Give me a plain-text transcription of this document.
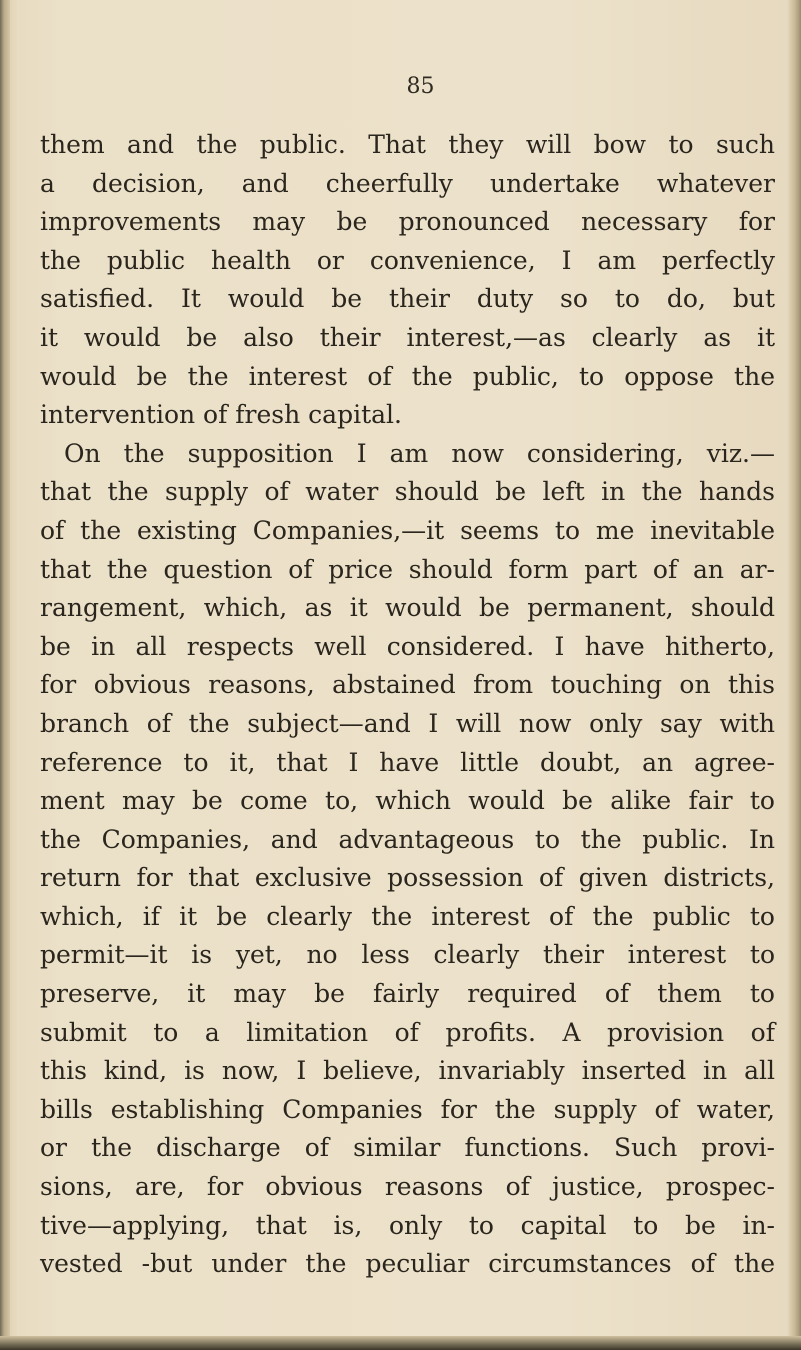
85
them and the public. That they will bow to such
a decision, and cheerfully undertake whatever
improvements may be pronounced necessary for
the public health or convenience, I am perfectly
satisfied. It would be their duty so to do, but
it would be also their interest,—as clearly as it
would be the interest of the public, to oppose the
intervention of fresh capital.
On the supposition I am now considering, viz.—
that the supply of water should be left in the hands
of the existing Companies,—it seems to me inevitable
that the question of price should form part of an ar-
rangement, which, as it would be permanent, should
be in all respects well considered. I have hitherto,
for obvious reasons, abstained from touching on this
branch of the subject—and I will now only say with
reference to it, that I have little doubt, an agree-
ment may be come to, which would be alike fair to
the Companies, and advantageous to the public. In
return for that exclusive possession of given districts,
which, if it be clearly the interest of the public to
permit—it is yet, no less clearly their interest to
preserve, it may be fairly required of them to
submit to a limitation of profits. A provision of
this kind, is now, I believe, invariably inserted in all
bills establishing Companies for the supply of water,
or the discharge of similar functions. Such provi-
sions, are, for obvious reasons of justice, prospec-
tive—applying, that is, only to capital to be in-
vested -but under the peculiar circumstances of the
